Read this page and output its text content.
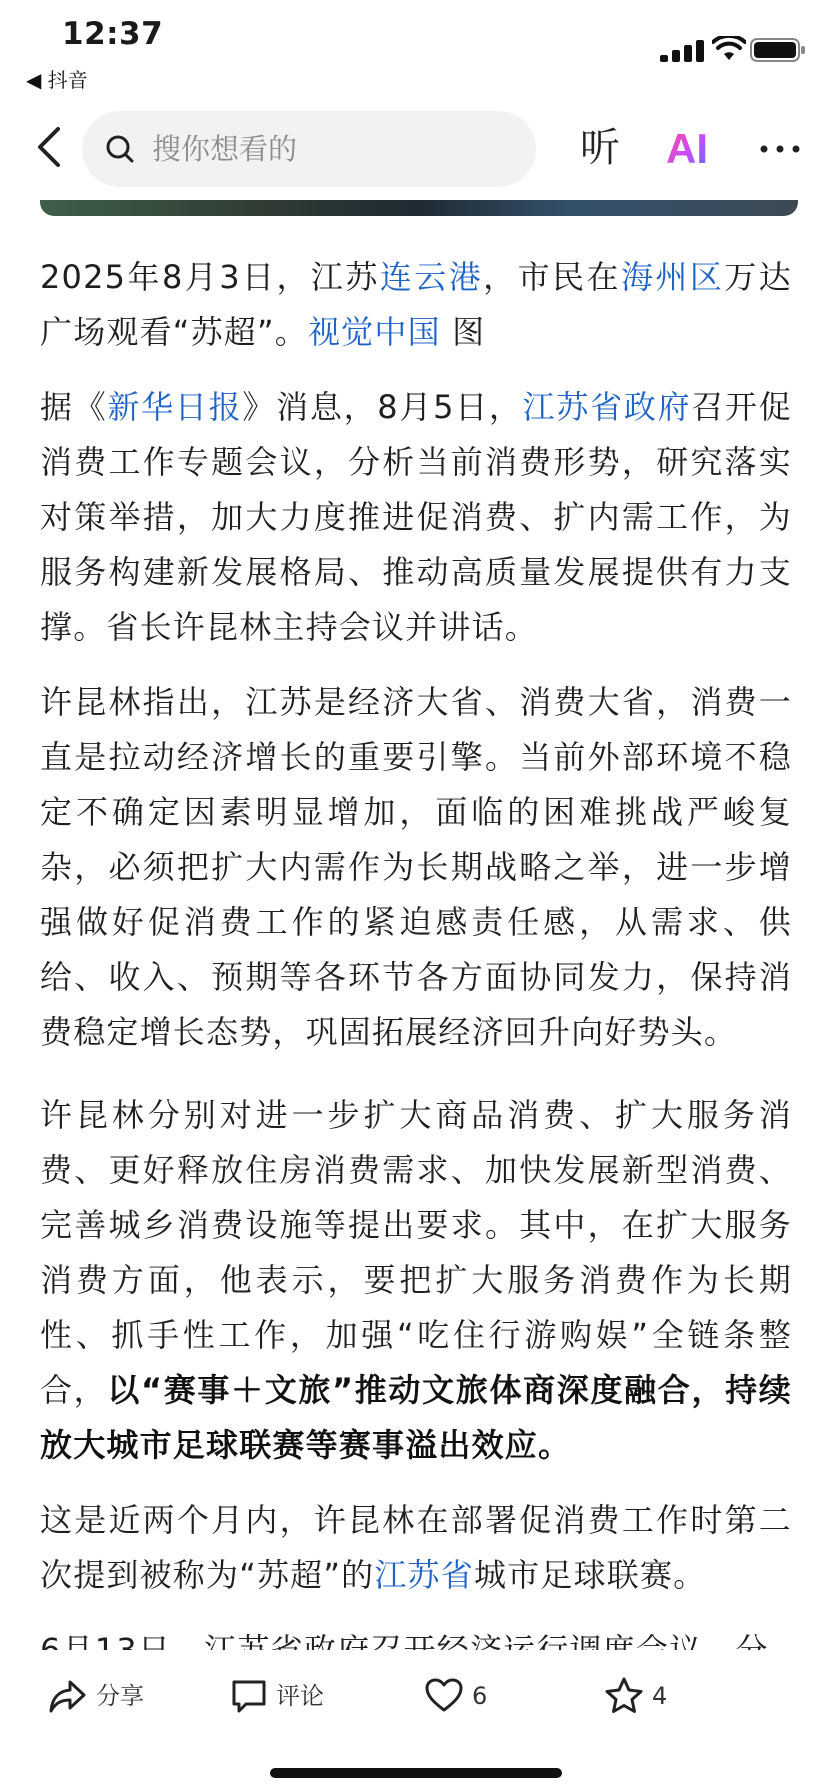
12:37
◀ 抖音
搜你想看的	听 AI

2025年8月3日，江苏连云港，市民在海州区万达广场观看“苏超”。视觉中国 图

据《新华日报》消息，8月5日，江苏省政府召开促消费工作专题会议，分析当前消费形势，研究落实对策举措，加大力度推进促消费、扩内需工作，为服务构建新发展格局、推动高质量发展提供有力支撑。省长许昆林主持会议并讲话。

许昆林指出，江苏是经济大省、消费大省，消费一直是拉动经济增长的重要引擎。当前外部环境不稳定不确定因素明显增加，面临的困难挑战严峻复杂，必须把扩大内需作为长期战略之举，进一步增强做好促消费工作的紧迫感责任感，从需求、供给、收入、预期等各环节各方面协同发力，保持消费稳定增长态势，巩固拓展经济回升向好势头。

许昆林分别对进一步扩大商品消费、扩大服务消费、更好释放住房消费需求、加快发展新型消费、完善城乡消费设施等提出要求。其中，在扩大服务消费方面，他表示，要把扩大服务消费作为长期性、抓手性工作，加强“吃住行游购娱”全链条整合，以“赛事＋文旅”推动文旅体商深度融合，持续放大城市足球联赛等赛事溢出效应。

这是近两个月内，许昆林在部署促消费工作时第二次提到被称为“苏超”的江苏省城市足球联赛。

分享	评论	6	4
